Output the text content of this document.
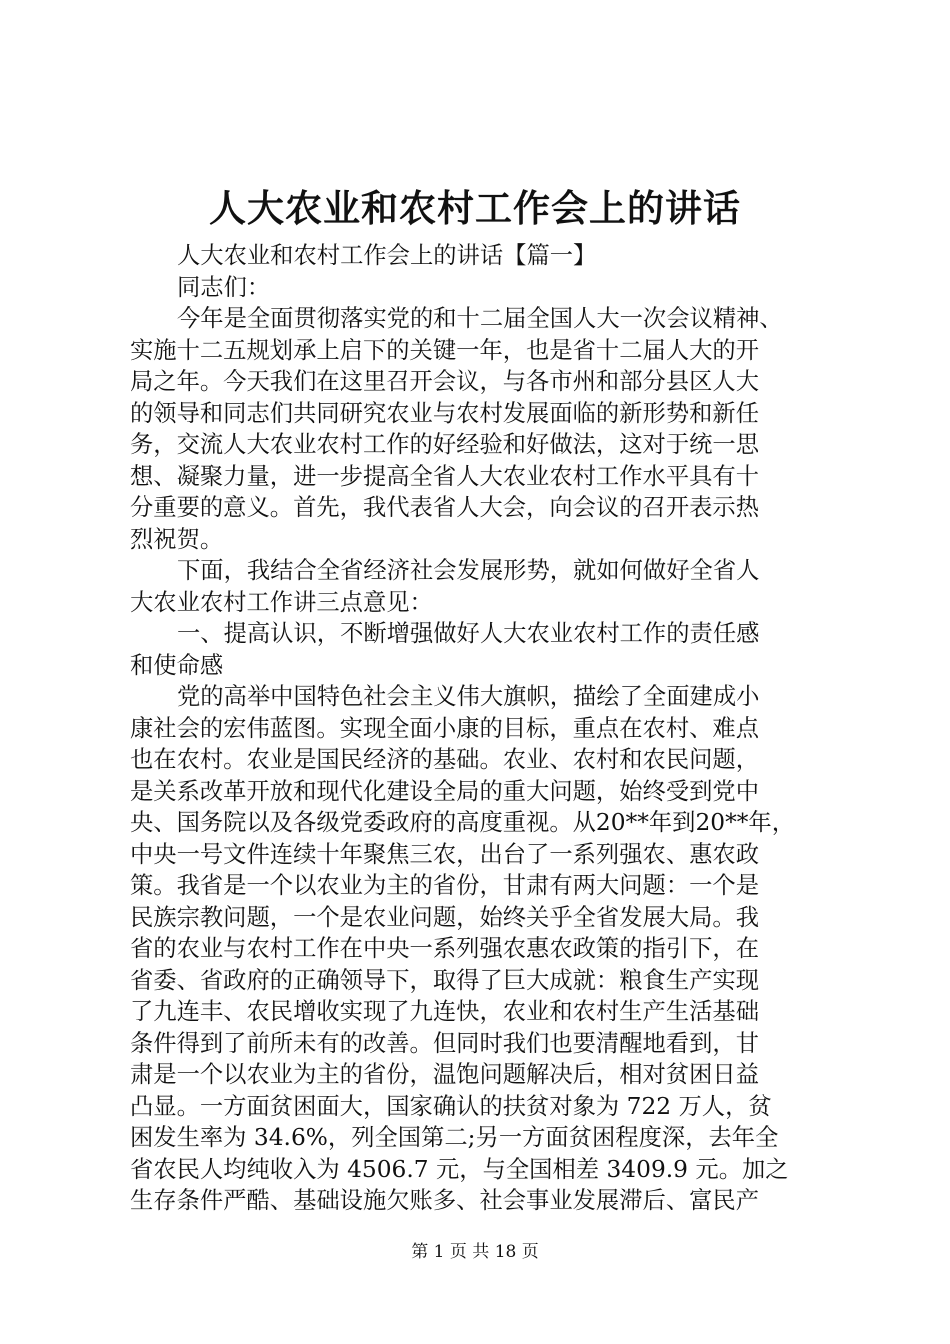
人大农业和农村工作会上的讲话
人大农业和农村工作会上的讲话【篇一】
同志们：
今年是全面贯彻落实党的和十二届全国人大一次会议精神、
实施十二五规划承上启下的关键一年，也是省十二届人大的开
局之年。今天我们在这里召开会议，与各市州和部分县区人大
的领导和同志们共同研究农业与农村发展面临的新形势和新任
务，交流人大农业农村工作的好经验和好做法，这对于统一思
想、凝聚力量，进一步提高全省人大农业农村工作水平具有十
分重要的意义。首先，我代表省人大会，向会议的召开表示热
烈祝贺。
下面，我结合全省经济社会发展形势，就如何做好全省人
大农业农村工作讲三点意见：
一、提高认识，不断增强做好人大农业农村工作的责任感
和使命感
党的高举中国特色社会主义伟大旗帜，描绘了全面建成小
康社会的宏伟蓝图。实现全面小康的目标，重点在农村、难点
也在农村。农业是国民经济的基础。农业、农村和农民问题，
是关系改革开放和现代化建设全局的重大问题，始终受到党中
央、国务院以及各级党委政府的高度重视。从20**年到20**年，
中央一号文件连续十年聚焦三农，出台了一系列强农、惠农政
策。我省是一个以农业为主的省份，甘肃有两大问题：一个是
民族宗教问题，一个是农业问题，始终关乎全省发展大局。我
省的农业与农村工作在中央一系列强农惠农政策的指引下，在
省委、省政府的正确领导下，取得了巨大成就：粮食生产实现
了九连丰、农民增收实现了九连快，农业和农村生产生活基础
条件得到了前所未有的改善。但同时我们也要清醒地看到，甘
肃是一个以农业为主的省份，温饱问题解决后，相对贫困日益
凸显。一方面贫困面大，国家确认的扶贫对象为 722 万人，贫
困发生率为 34.6%，列全国第二;另一方面贫困程度深，去年全
省农民人均纯收入为 4506.7 元，与全国相差 3409.9 元。加之
生存条件严酷、基础设施欠账多、社会事业发展滞后、富民产
第 1 页 共 18 页
